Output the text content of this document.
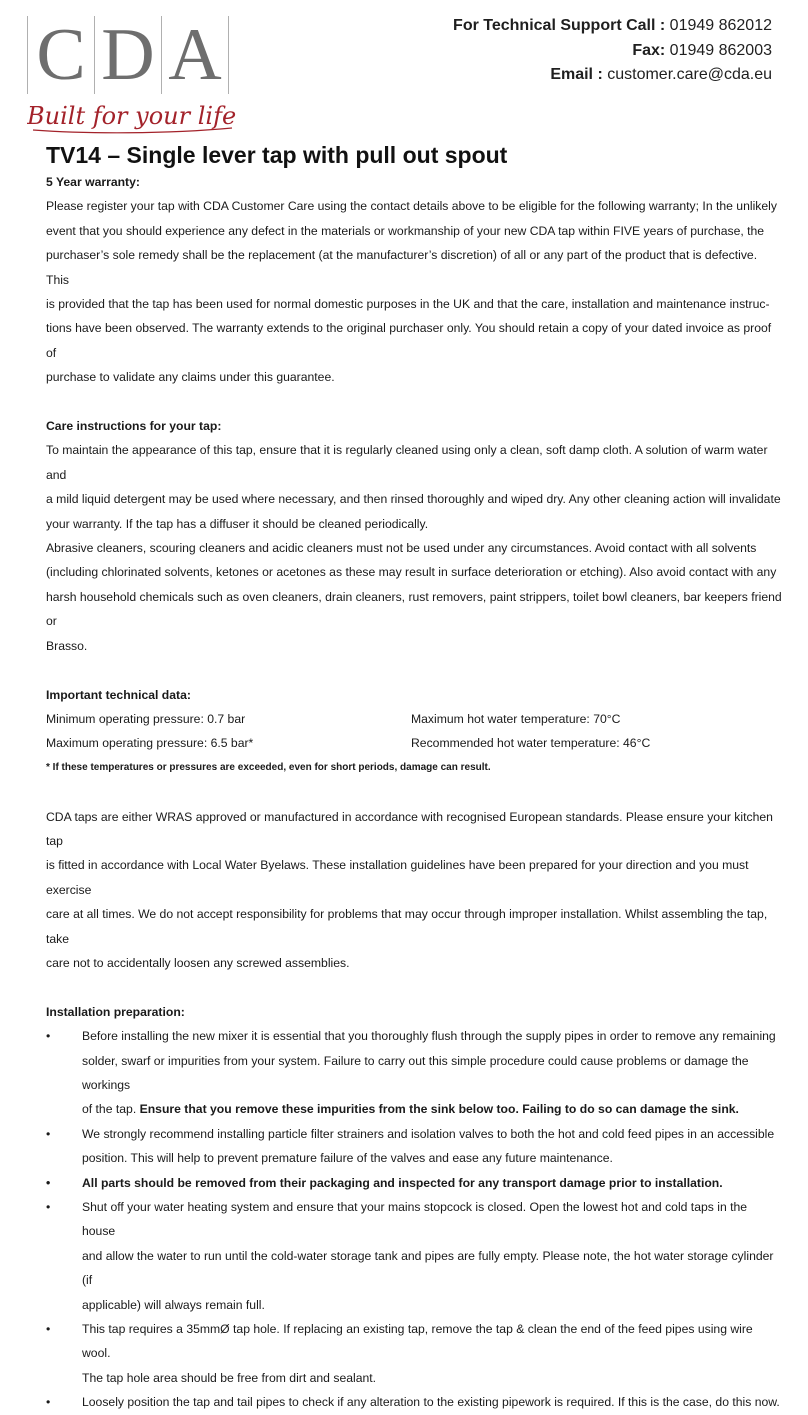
C D A
Built for your life
For Technical Support Call : 01949 862012
Fax: 01949 862003
Email : customer.care@cda.eu
TV14 – Single lever tap with pull out spout

5 Year warranty:

Please register your tap with CDA Customer Care using the contact details above to be eligible for the following warranty; In the unlikely

event that you should experience any defect in the materials or workmanship of your new CDA tap within FIVE years of purchase, the

purchaser’s sole remedy shall be the replacement (at the manufacturer’s discretion) of all or any part of the product that is defective. This

is provided that the tap has been used for normal domestic purposes in the UK and that the care, installation and maintenance instruc-

tions have been observed. The warranty extends to the original purchaser only. You should retain a copy of your dated invoice as proof of

purchase to validate any claims under this guarantee.

Care instructions for your tap:

To maintain the appearance of this tap, ensure that it is regularly cleaned using only a clean, soft damp cloth. A solution of warm water and

a mild liquid detergent may be used where necessary, and then rinsed thoroughly and wiped dry. Any other cleaning action will invalidate

your warranty. If the tap has a diffuser it should be cleaned periodically.

Abrasive cleaners, scouring cleaners and acidic cleaners must not be used under any circumstances. Avoid contact with all solvents

(including chlorinated solvents, ketones or acetones as these may result in surface deterioration or etching). Also avoid contact with any

harsh household chemicals such as oven cleaners, drain cleaners, rust removers, paint strippers, toilet bowl cleaners, bar keepers friend or

Brasso.

Important technical data:

Minimum operating pressure: 0.7 bar	Maximum hot water temperature: 70°C
Maximum operating pressure: 6.5 bar*	Recommended hot water temperature: 46°C
* If these temperatures or pressures are exceeded, even for short periods, damage can result.

CDA taps are either WRAS approved or manufactured in accordance with recognised European standards. Please ensure your kitchen tap

is fitted in accordance with Local Water Byelaws. These installation guidelines have been prepared for your direction and you must exercise

care at all times. We do not accept responsibility for problems that may occur through improper installation. Whilst assembling the tap, take

care not to accidentally loosen any screwed assemblies.

Installation preparation:

•	Before installing the new mixer it is essential that you thoroughly flush through the supply pipes in order to remove any remaining
solder, swarf or impurities from your system. Failure to carry out this simple procedure could cause problems or damage the workings
of the tap. Ensure that you remove these impurities from the sink below too. Failing to do so can damage the sink.
•	We strongly recommend installing particle filter strainers and isolation valves to both the hot and cold feed pipes in an accessible
position. This will help to prevent premature failure of the valves and ease any future maintenance.
•	All parts should be removed from their packaging and inspected for any transport damage prior to installation.
•	Shut off your water heating system and ensure that your mains stopcock is closed. Open the lowest hot and cold taps in the house
and allow the water to run until the cold-water storage tank and pipes are fully empty. Please note, the hot water storage cylinder (if
applicable) will always remain full.
•	This tap requires a 35mmØ tap hole. If replacing an existing tap, remove the tap & clean the end of the feed pipes using wire wool.
The tap hole area should be free from dirt and sealant.
•	Loosely position the tap and tail pipes to check if any alteration to the existing pipework is required. If this is the case, do this now.
